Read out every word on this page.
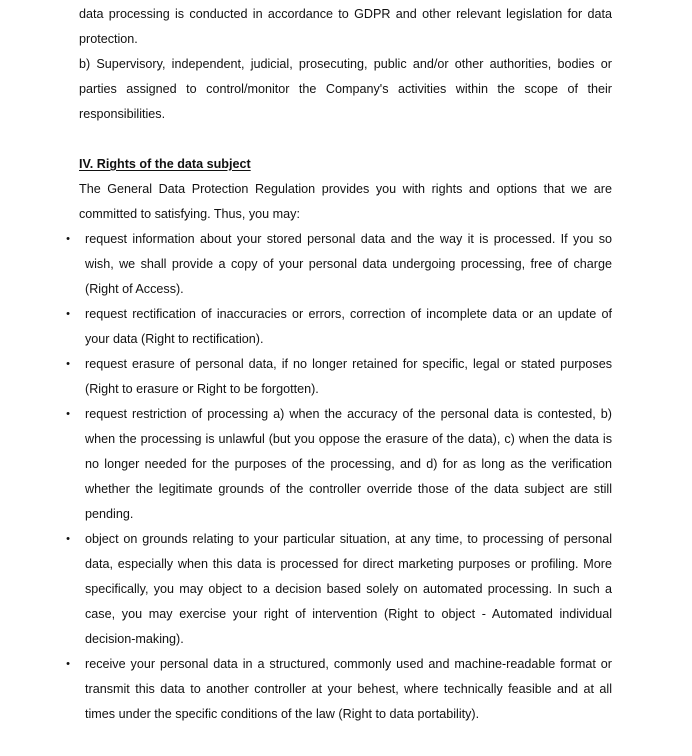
data processing is conducted in accordance to GDPR and other relevant legislation for data protection.

b) Supervisory, independent, judicial, prosecuting, public and/or other authorities, bodies or parties assigned to control/monitor the Company's activities within the scope of their responsibilities.

IV. Rights of the data subject

The General Data Protection Regulation provides you with rights and options that we are committed to satisfying. Thus, you may:

• request information about your stored personal data and the way it is processed. If you so wish, we shall provide a copy of your personal data undergoing processing, free of charge (Right of Access).
• request rectification of inaccuracies or errors, correction of incomplete data or an update of your data (Right to rectification).
• request erasure of personal data, if no longer retained for specific, legal or stated purposes (Right to erasure or Right to be forgotten).
• request restriction of processing a) when the accuracy of the personal data is contested, b) when the processing is unlawful (but you oppose the erasure of the data), c) when the data is no longer needed for the purposes of the processing, and d) for as long as the verification whether the legitimate grounds of the controller override those of the data subject are still pending.
• object on grounds relating to your particular situation, at any time, to processing of personal data, especially when this data is processed for direct marketing purposes or profiling. More specifically, you may object to a decision based solely on automated processing. In such a case, you may exercise your right of intervention (Right to object - Automated individual decision-making).
• receive your personal data in a structured, commonly used and machine-readable format or transmit this data to another controller at your behest, where technically feasible and at all times under the specific conditions of the law (Right to data portability).
